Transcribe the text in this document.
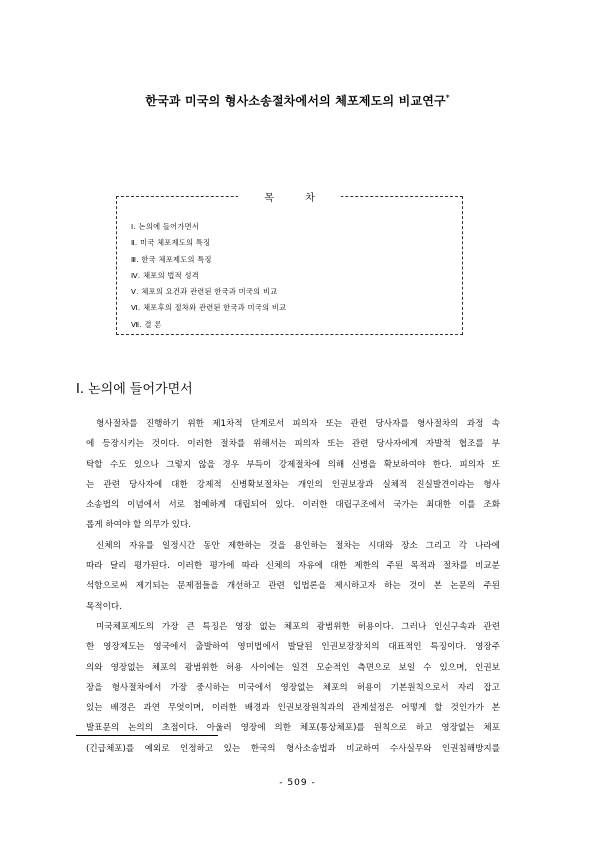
한국과 미국의 형사소송절차에서의 체포제도의 비교연구*
목 차
Ⅰ. 논의에 들어가면서
Ⅱ. 미국 체포제도의 특징
Ⅲ. 한국 체포제도의 특징
Ⅳ. 체포의 법적 성격
Ⅴ. 체포의 요건과 관련된 한국과 미국의 비교
Ⅵ. 체포후의 절차와 관련된 한국과 미국의 비교
Ⅶ. 결 론
Ⅰ. 논의에 들어가면서
형사절차를 진행하기 위한 제1차적 단계로서 피의자 또는 관련 당사자를 형사절차의 과정 속
에 등장시키는 것이다. 이러한 절차를 위해서는 피의자 또는 관련 당사자에게 자발적 협조를 부
탁할 수도 있으나 그렇지 않을 경우 부득이 강제절차에 의해 신병을 확보하여야 한다. 피의자 또
는 관련 당사자에 대한 강제적 신병확보절차는 개인의 인권보장과 실체적 진실발견이라는 형사
소송법의 이념에서 서로 첨예하게 대립되어 있다. 이러한 대립구조에서 국가는 최대한 이를 조화
롭게 하여야 할 의무가 있다.
신체의 자유를 일정시간 동안 제한하는 것을 용인하는 절차는 시대와 장소 그리고 각 나라에
따라 달리 평가된다. 이러한 평가에 따라 신체의 자유에 대한 제한의 주된 목적과 절차를 비교분
석함으로써 제기되는 문제점들을 개선하고 관련 입법론을 제시하고자 하는 것이 본 논문의 주된
목적이다.
미국체포제도의 가장 큰 특징은 영장 없는 체포의 광범위한 허용이다. 그러나 인신구속과 관련
한 영장제도는 영국에서 출발하여 영미법에서 발달된 인권보장장치의 대표적인 특징이다. 영장주
의와 영장없는 체포의 광범위한 허용 사이에는 일견 모순적인 측면으로 보일 수 있으며, 인권보
장을 형사절차에서 가장 중시하는 미국에서 영장없는 체포의 허용이 기본원칙으로서 자리 잡고
있는 배경은 과연 무엇이며, 이러한 배경과 인권보장원칙과의 관계설정은 어떻게 할 것인가가 본
발표문의 논의의 초점이다. 아울러 영장에 의한 체포(통상체포)를 원칙으로 하고 영장없는 체포
(긴급체포)를 예외로 인정하고 있는 한국의 형사소송법과 비교하여 수사실무와 인권침해방지를
- 509 -
